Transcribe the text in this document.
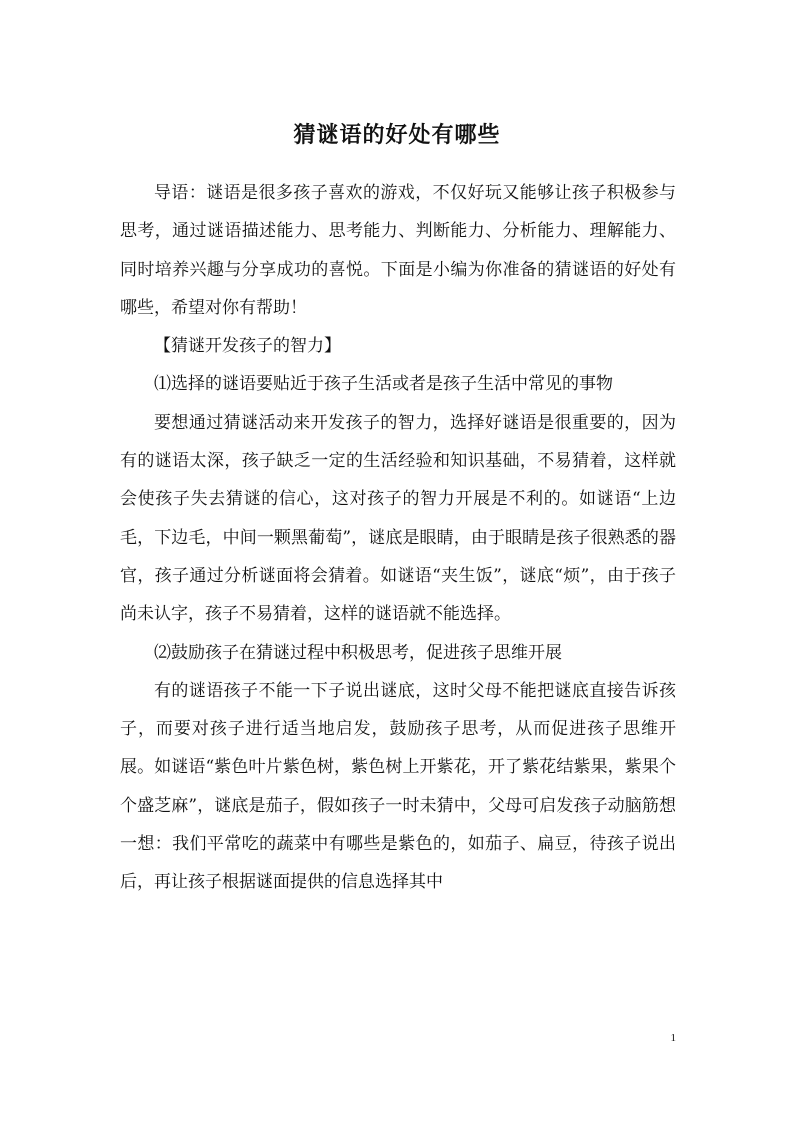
猜谜语的好处有哪些

导语：谜语是很多孩子喜欢的游戏，不仅好玩又能够让孩子积极参与思考，通过谜语描述能力、思考能力、判断能力、分析能力、理解能力、同时培养兴趣与分享成功的喜悦。下面是小编为你准备的猜谜语的好处有哪些，希望对你有帮助！

【猜谜开发孩子的智力】

⑴选择的谜语要贴近于孩子生活或者是孩子生活中常见的事物

要想通过猜谜活动来开发孩子的智力，选择好谜语是很重要的，因为有的谜语太深，孩子缺乏一定的生活经验和知识基础，不易猜着，这样就会使孩子失去猜谜的信心，这对孩子的智力开展是不利的。如谜语“上边毛，下边毛，中间一颗黑葡萄”，谜底是眼睛，由于眼睛是孩子很熟悉的器官，孩子通过分析谜面将会猜着。如谜语“夹生饭”，谜底“烦”，由于孩子尚未认字，孩子不易猜着，这样的谜语就不能选择。

⑵鼓励孩子在猜谜过程中积极思考，促进孩子思维开展

有的谜语孩子不能一下子说出谜底，这时父母不能把谜底直接告诉孩子，而要对孩子进行适当地启发，鼓励孩子思考，从而促进孩子思维开展。如谜语“紫色叶片紫色树，紫色树上开紫花，开了紫花结紫果，紫果个个盛芝麻”，谜底是茄子，假如孩子一时未猜中，父母可启发孩子动脑筋想一想：我们平常吃的蔬菜中有哪些是紫色的，如茄子、扁豆，待孩子说出后，再让孩子根据谜面提供的信息选择其中

1
